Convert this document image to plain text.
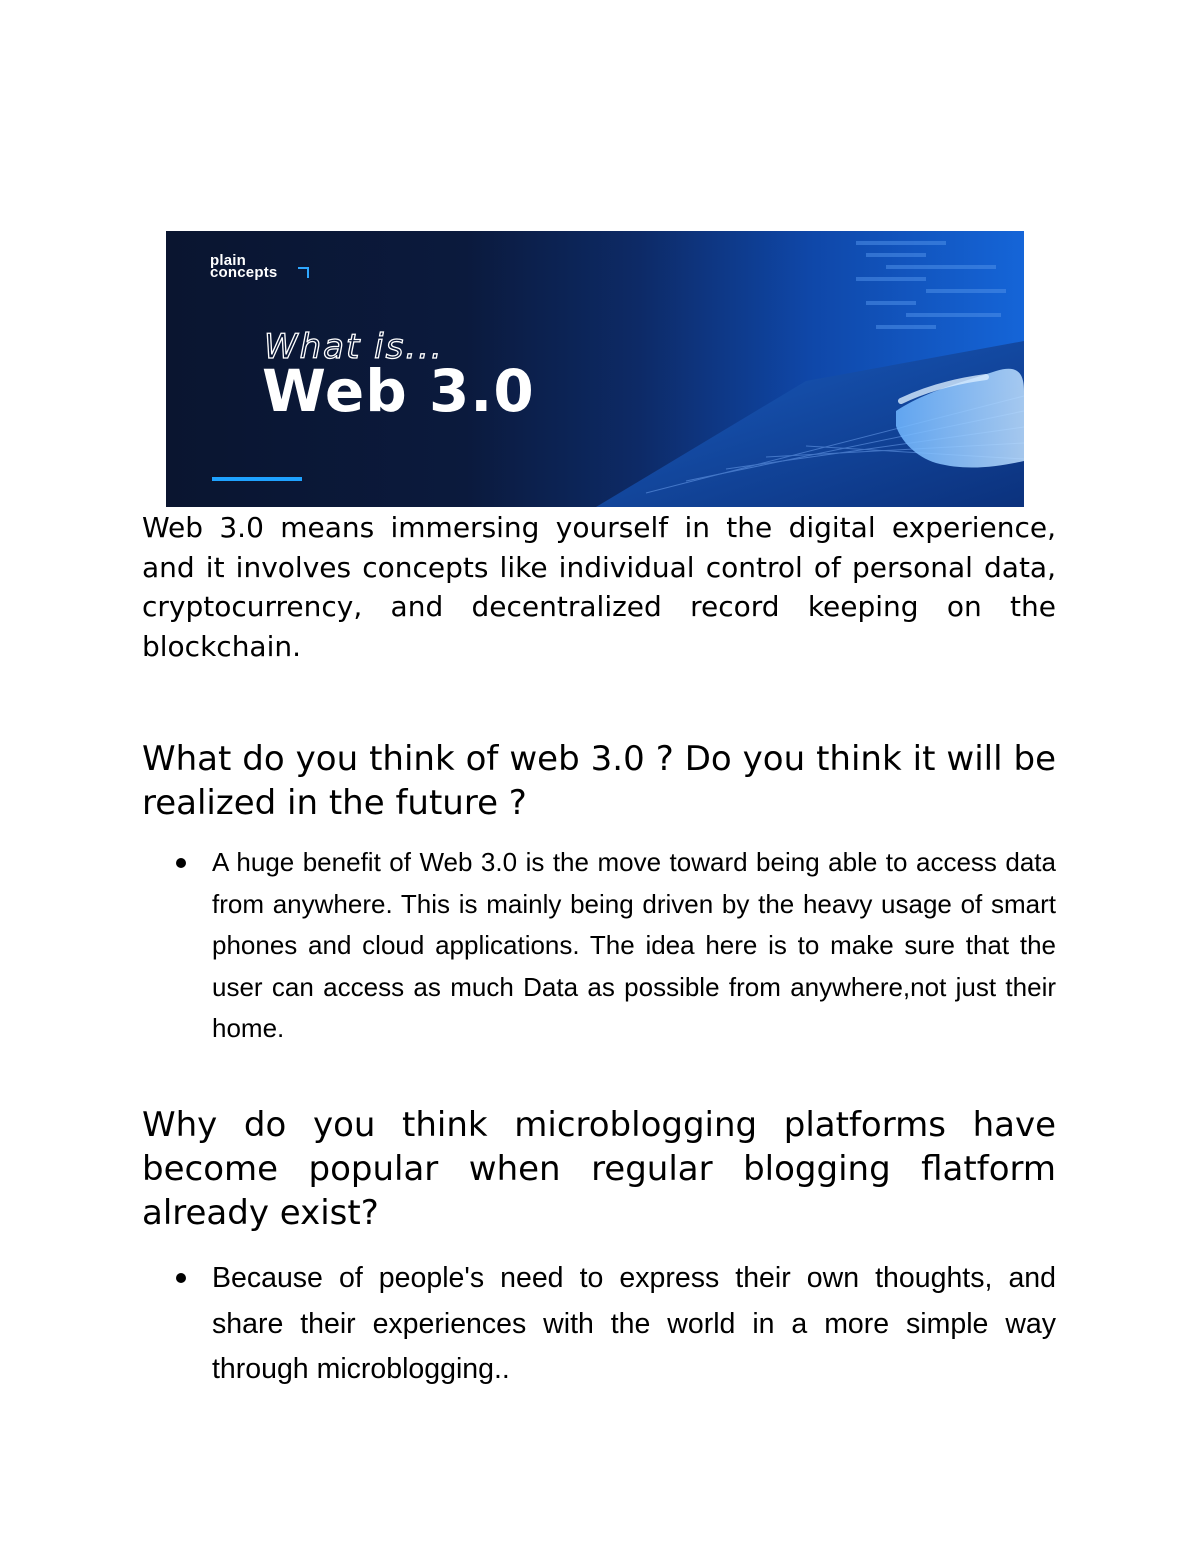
plain
concepts
What is...
Web 3.0

Web 3.0 means immersing yourself in the digital experience, and it involves concepts like individual control of personal data, cryptocurrency, and decentralized record keeping on the blockchain.

What do you think of web 3.0 ? Do you think it will be realized in the future ?

A huge benefit of Web 3.0 is the move toward being able to access data from anywhere. This is mainly being driven by the heavy usage of smart phones and cloud applications. The idea here is to make sure that the user can access as much Data as possible from anywhere,not just their home.

Why do you think microblogging platforms have become popular when regular blogging flatform already exist?

Because of people's need to express their own thoughts, and share their experiences with the world in a more simple way through microblogging..
